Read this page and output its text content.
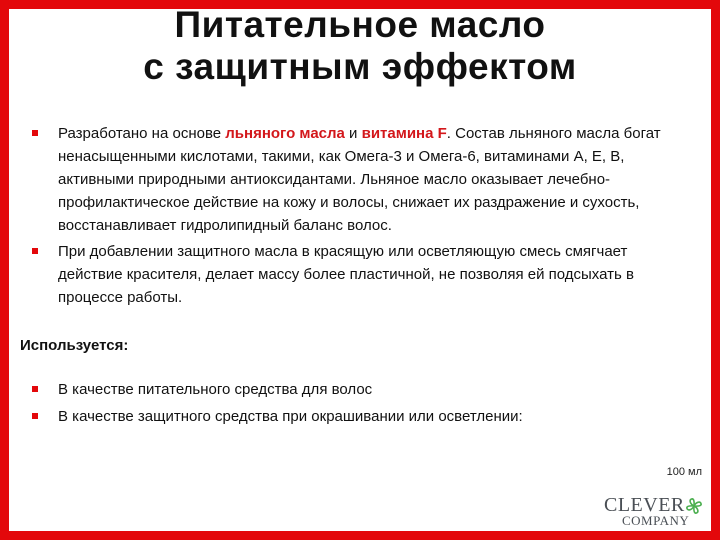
Питательное масло
с защитным эффектом

Разработано на основе льняного масла и витамина F. Состав льняного масла богат ненасыщенными кислотами, такими, как Омега-3 и Омега-6, витаминами A, E, B, активными природными антиоксидантами. Льняное масло оказывает лечебно-профилактическое действие на кожу и волосы, снижает их раздражение и сухость, восстанавливает гидролипидный баланс волос.

При добавлении защитного масла в красящую или осветляющую смесь смягчает действие красителя, делает массу более пластичной, не позволяя ей подсыхать в процессе работы.

Используется:

В качестве питательного средства для волос

В качестве защитного средства при окрашивании или осветлении:

100 мл
CLEVER
COMPANY
